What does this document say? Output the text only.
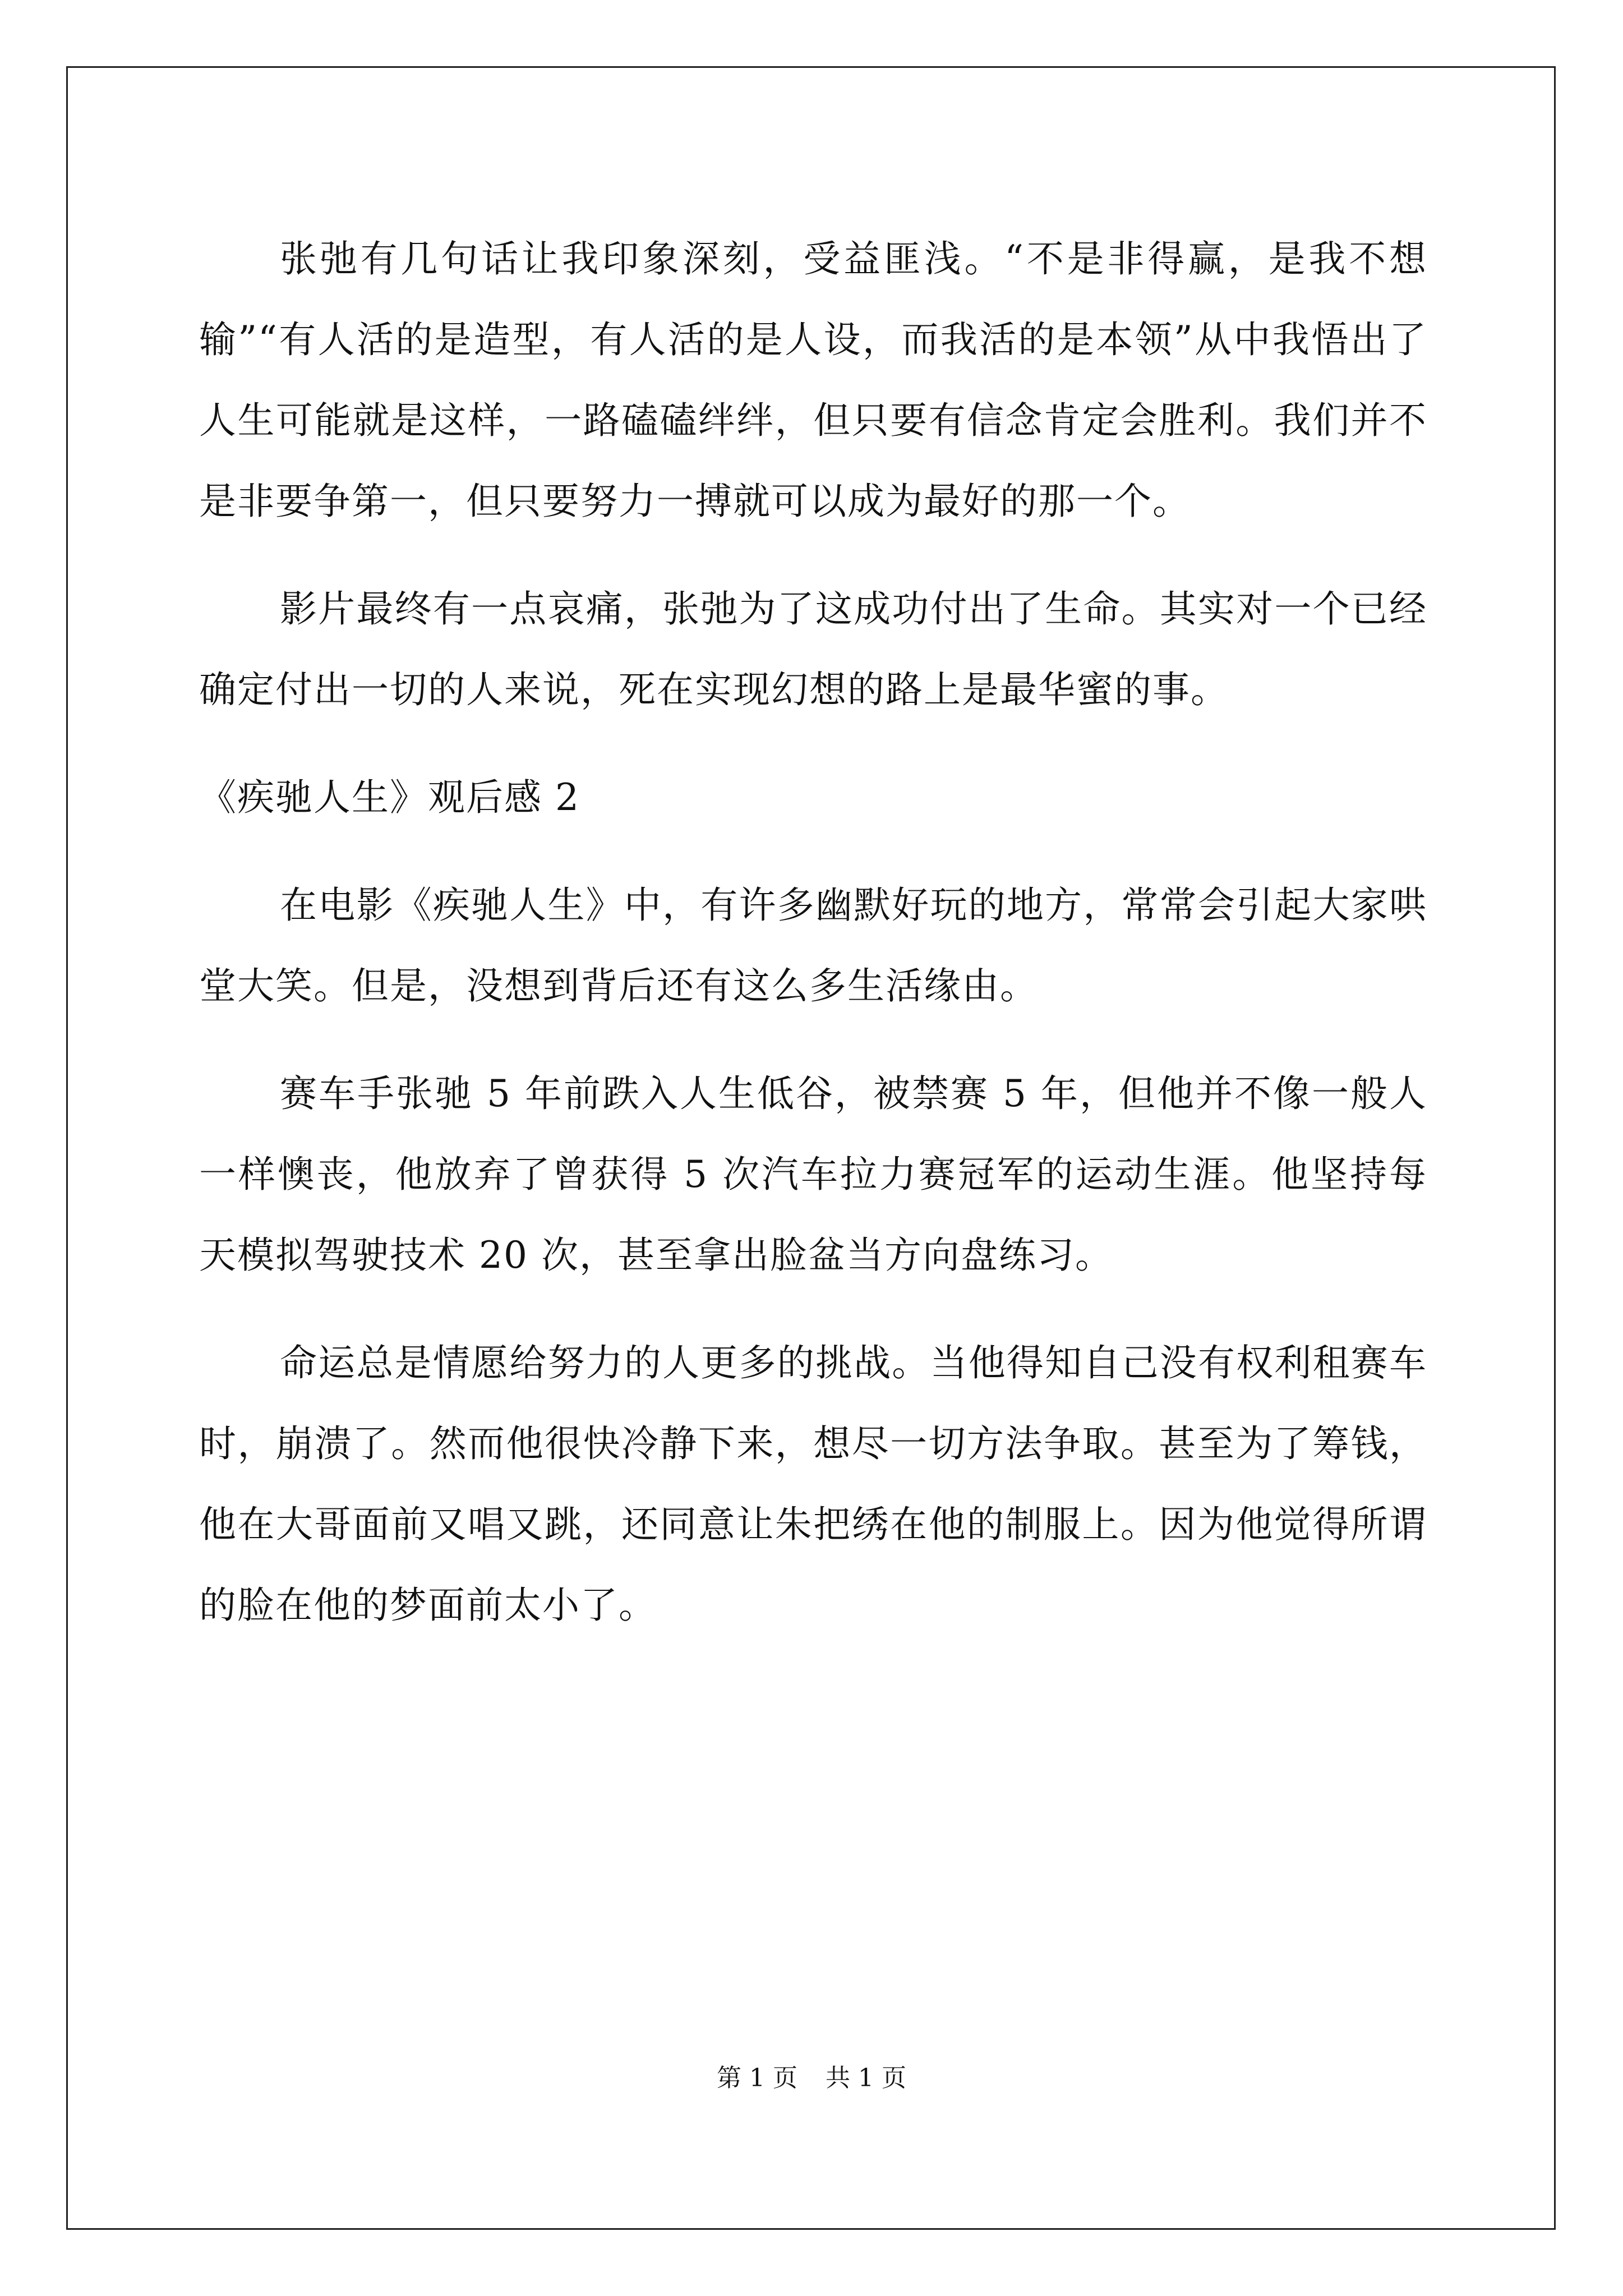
张弛有几句话让我印象深刻，受益匪浅。“不是非得赢，是我不想输”“有人活的是造型，有人活的是人设，而我活的是本领”从中我悟出了人生可能就是这样，一路磕磕绊绊，但只要有信念肯定会胜利。我们并不是非要争第一，但只要努力一搏就可以成为最好的那一个。

影片最终有一点哀痛，张弛为了这成功付出了生命。其实对一个已经确定付出一切的人来说，死在实现幻想的路上是最华蜜的事。

《疾驰人生》观后感 2

在电影《疾驰人生》中，有许多幽默好玩的地方，常常会引起大家哄堂大笑。但是，没想到背后还有这么多生活缘由。

赛车手张驰 5 年前跌入人生低谷，被禁赛 5 年，但他并不像一般人一样懊丧，他放弃了曾获得 5 次汽车拉力赛冠军的运动生涯。他坚持每天模拟驾驶技术 20 次，甚至拿出脸盆当方向盘练习。

命运总是情愿给努力的人更多的挑战。当他得知自己没有权利租赛车时，崩溃了。然而他很快冷静下来，想尽一切方法争取。甚至为了筹钱，他在大哥面前又唱又跳，还同意让朱把绣在他的制服上。因为他觉得所谓的脸在他的梦面前太小了。

第 1 页 共 1 页
